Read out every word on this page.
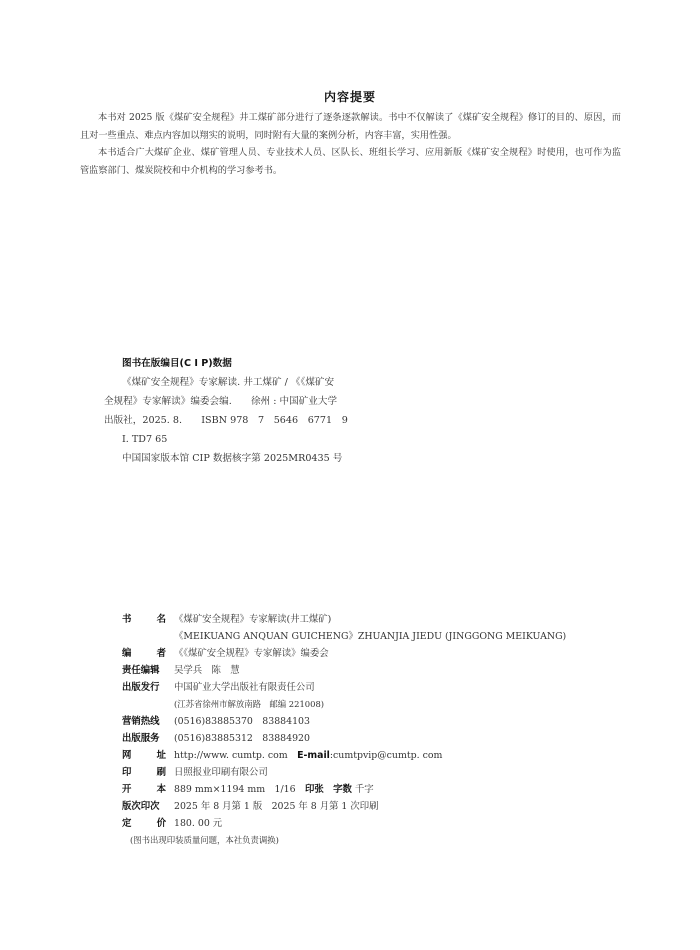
内容提要

本书对 2025 版《煤矿安全规程》井工煤矿部分进行了逐条逐款解读。书中不仅解读了《煤矿安全规程》修订的目的、原因，而且对一些重点、难点内容加以翔实的说明，同时附有大量的案例分析，内容丰富，实用性强。

本书适合广大煤矿企业、煤矿管理人员、专业技术人员、区队长、班组长学习、应用新版《煤矿安全规程》时使用，也可作为监管监察部门、煤炭院校和中介机构的学习参考书。

图书在版编目(C I P)数据
《煤矿安全规程》专家解读. 井工煤矿 / 《《煤矿安
全规程》专家解读》编委会编.　　徐州 : 中国矿业大学
出版社，2025. 8.　　ISBN 978　7　5646　6771　9
Ⅰ. TD7 65
中国国家版本馆 CIP 数据核字第 2025MR0435 号
书	名 《煤矿安全规程》专家解读(井工煤矿)
《MEIKUANG ANQUAN GUICHENG》ZHUANJIA JIEDU (JINGGONG MEIKUANG)
编	者 《《煤矿安全规程》专家解读》编委会
责任编辑	吴学兵　陈　慧
出版发行	中国矿业大学出版社有限责任公司
(江苏省徐州市解放南路　邮编 221008)
营销热线	(0516)83885370　83884103
出版服务	(0516)83885312　83884920
网	址 http://www. cumtp. com　 E-mail:cumtpvip@cumtp. com
印	刷 日照报业印刷有限公司
开	本 889 mm×1194 mm　1/16　 印张　 字数 千字
版次印次	2025 年 8 月第 1 版　2025 年 8 月第 1 次印刷
定	价 180. 00 元
(图书出现印装质量问题，本社负责调换)
